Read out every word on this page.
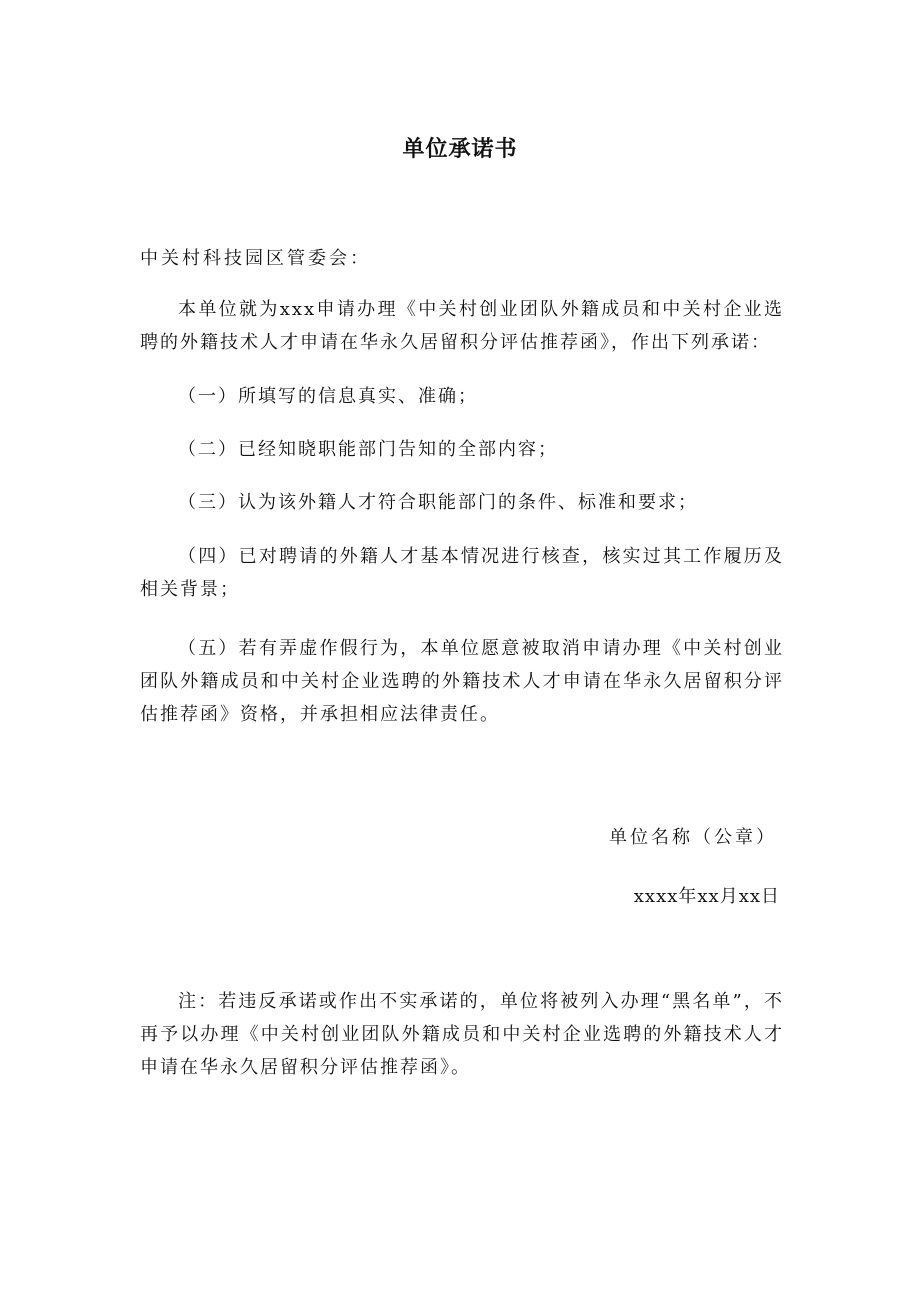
单位承诺书
中关村科技园区管委会：
本单位就为xxx申请办理《中关村创业团队外籍成员和中关村企业选聘的外籍技术人才申请在华永久居留积分评估推荐函》，作出下列承诺：
（一）所填写的信息真实、准确；
（二）已经知晓职能部门告知的全部内容；
（三）认为该外籍人才符合职能部门的条件、标准和要求；
（四）已对聘请的外籍人才基本情况进行核查，核实过其工作履历及相关背景；
（五）若有弄虚作假行为，本单位愿意被取消申请办理《中关村创业团队外籍成员和中关村企业选聘的外籍技术人才申请在华永久居留积分评估推荐函》资格，并承担相应法律责任。
单位名称（公章）
xxxx年xx月xx日
注：若违反承诺或作出不实承诺的，单位将被列入办理“黑名单”，不再予以办理《中关村创业团队外籍成员和中关村企业选聘的外籍技术人才申请在华永久居留积分评估推荐函》。
